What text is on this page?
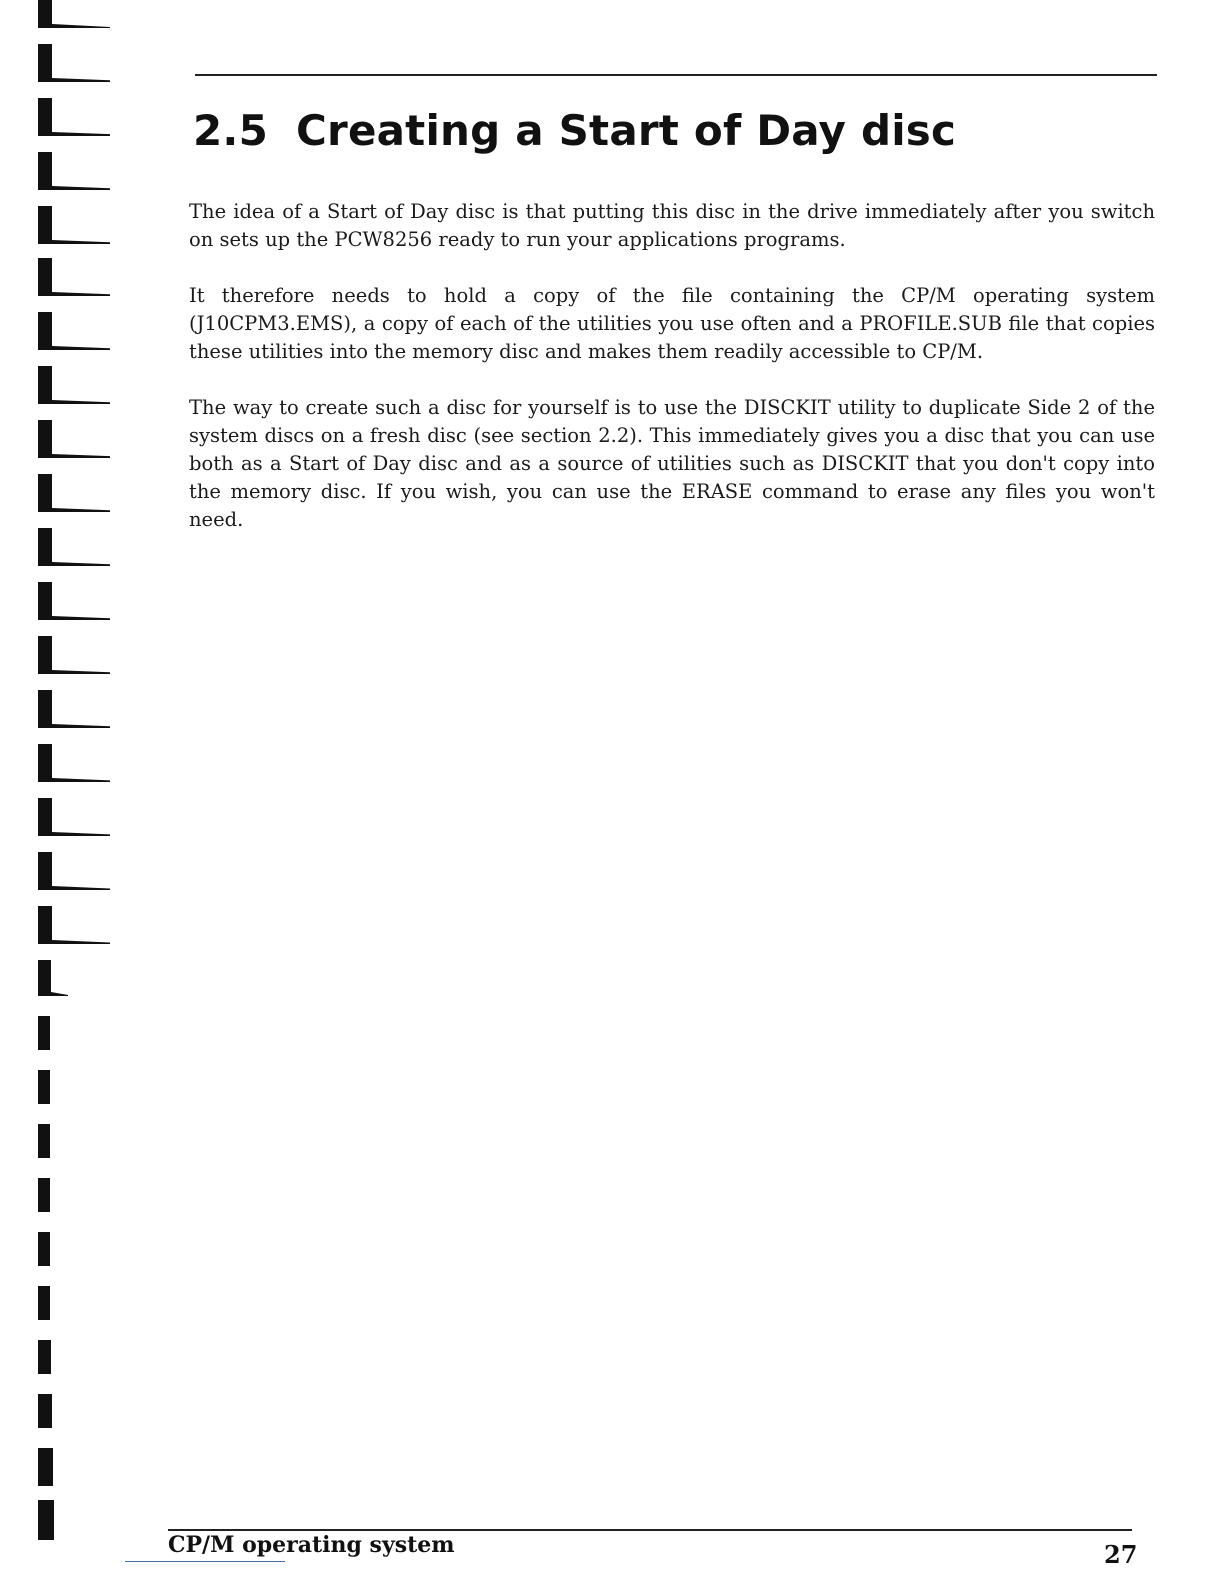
2.5 Creating a Start of Day disc

The idea of a Start of Day disc is that putting this disc in the drive immediately after you switch on sets up the PCW8256 ready to run your applications programs.

It therefore needs to hold a copy of the file containing the CP/M operating system (J10CPM3.EMS), a copy of each of the utilities you use often and a PROFILE.SUB file that copies these utilities into the memory disc and makes them readily accessible to CP/M.

The way to create such a disc for yourself is to use the DISCKIT utility to duplicate Side 2 of the system discs on a fresh disc (see section 2.2). This immediately gives you a disc that you can use both as a Start of Day disc and as a source of utilities such as DISCKIT that you don't copy into the memory disc. If you wish, you can use the ERASE command to erase any files you won't need.

CP/M operating system	27
